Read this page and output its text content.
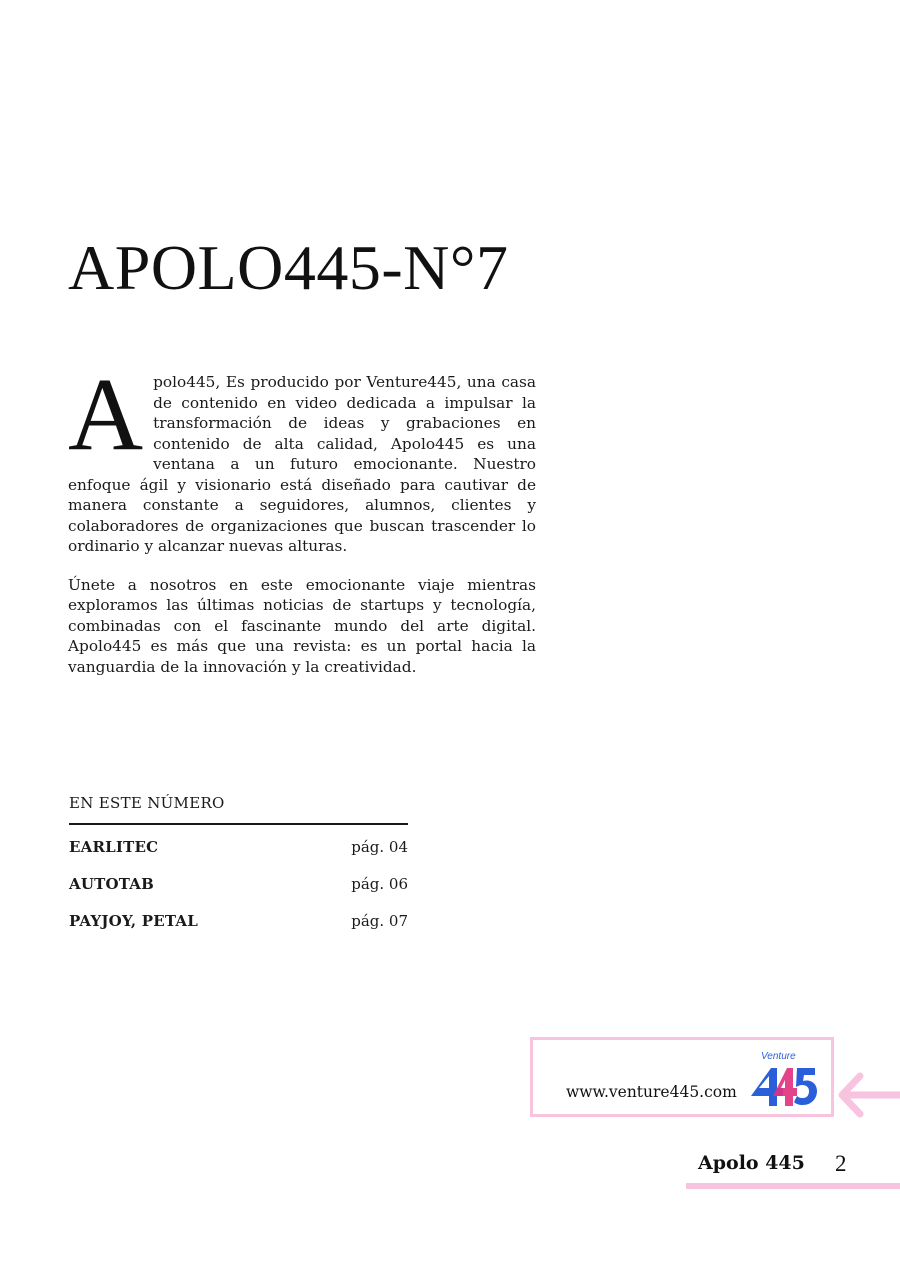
APOLO445-N°7

Apolo445, Es producido por Venture445, una casa de contenido en video dedicada a impulsar la transformación de ideas y grabaciones en contenido de alta calidad, Apolo445 es una ventana a un futuro emocionante. Nuestro enfoque ágil y visionario está diseñado para cautivar de manera constante a seguidores, alumnos, clientes y colaboradores de organizaciones que buscan trascender lo ordinario y alcanzar nuevas alturas.

Únete a nosotros en este emocionante viaje mientras exploramos las últimas noticias de startups y tecnología, combinadas con el fascinante mundo del arte digital. Apolo445 es más que una revista: es un portal hacia la vanguardia de la innovación y la creatividad.

EN ESTE NÚMERO
EARLITEC	pág. 04
AUTOTAB	pág. 06
PAYJOY, PETAL	pág. 07
www.venture445.com
Venture
Apolo 445 2
